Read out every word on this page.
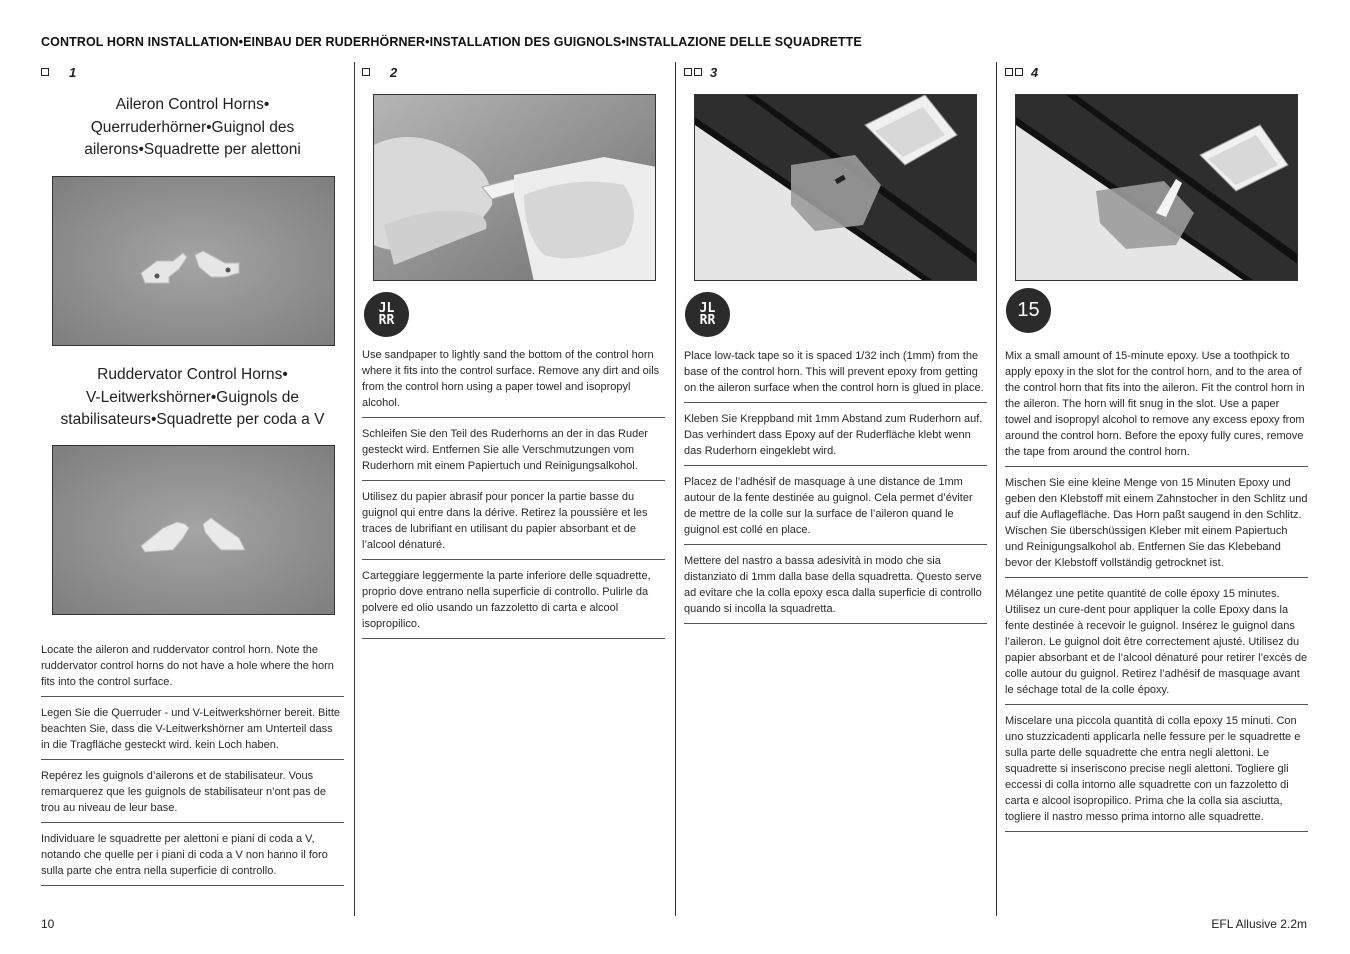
CONTROL HORN INSTALLATION•EINBAU DER RUDERHÖRNER•INSTALLATION DES GUIGNOLS•INSTALLAZIONE DELLE SQUADRETTE
1
Aileron Control Horns•
Querruderhörner•Guignol des
ailerons•Squadrette per alettoni
Ruddervator Control Horns•
V-Leitwerkshörner•Guignols de
stabilisateurs•Squadrette per coda a V
Locate the aileron and ruddervator control horn. Note the ruddervator control horns do not have a hole where the horn fits into the control surface.
Legen Sie die Querruder - und V-Leitwerkshörner bereit. Bitte beachten Sie, dass die V-Leitwerkshörner am Unterteil dass in die Tragfläche gesteckt wird. kein Loch haben.
Repérez les guignols d’ailerons et de stabilisateur. Vous remarquerez que les guignols de stabilisateur n’ont pas de trou au niveau de leur base.
Individuare le squadrette per alettoni e piani di coda a V, notando che quelle per i piani di coda a V non hanno il foro sulla parte che entra nella superficie di controllo.
2
JL
RR
Use sandpaper to lightly sand the bottom of the control horn where it fits into the control surface. Remove any dirt and oils from the control horn using a paper towel and isopropyl alcohol.
Schleifen Sie den Teil des Ruderhorns an der in das Ruder gesteckt wird. Entfernen Sie alle Verschmutzungen vom Ruderhorn mit einem Papiertuch und Reinigungsalkohol.
Utilisez du papier abrasif pour poncer la partie basse du guignol qui entre dans la dérive. Retirez la poussière et les traces de lubrifiant en utilisant du papier absorbant et de l’alcool dénaturé.
Carteggiare leggermente la parte inferiore delle squadrette, proprio dove entrano nella superficie di controllo. Pulirle da polvere ed olio usando un fazzoletto di carta e alcool isopropilico.
3
JL
RR
Place low-tack tape so it is spaced 1/32 inch (1mm) from the base of the control horn. This will prevent epoxy from getting on the aileron surface when the control horn is glued in place.
Kleben Sie Kreppband mit 1mm Abstand zum Ruderhorn auf. Das verhindert dass Epoxy auf der Ruderfläche klebt wenn das Ruderhorn eingeklebt wird.
Placez de l’adhésif de masquage à une distance de 1mm autour de la fente destinée au guignol. Cela permet d’éviter de mettre de la colle sur la surface de l’aileron quand le guignol est collé en place.
Mettere del nastro a bassa adesività in modo che sia distanziato di 1mm dalla base della squadretta. Questo serve ad evitare che la colla epoxy esca dalla superficie di controllo quando si incolla la squadretta.
4
15
Mix a small amount of 15-minute epoxy. Use a toothpick to apply epoxy in the slot for the control horn, and to the area of the control horn that fits into the aileron. Fit the control horn in the aileron. The horn will fit snug in the slot. Use a paper towel and isopropyl alcohol to remove any excess epoxy from around the control horn. Before the epoxy fully cures, remove the tape from around the control horn.
Mischen Sie eine kleine Menge von 15 Minuten Epoxy und geben den Klebstoff mit einem Zahnstocher in den Schlitz und auf die Auflagefläche. Das Horn paßt saugend in den Schlitz. Wischen Sie überschüssigen Kleber mit einem Papiertuch und Reinigungsalkohol ab. Entfernen Sie das Klebeband bevor der Klebstoff vollständig getrocknet ist.
Mélangez une petite quantité de colle époxy 15 minutes. Utilisez un cure-dent pour appliquer la colle Epoxy dans la fente destinée à recevoir le guignol. Insérez le guignol dans l’aileron. Le guignol doit être correctement ajusté. Utilisez du papier absorbant et de l’alcool dénaturé pour retirer l’excès de colle autour du guignol. Retirez l’adhésif de masquage avant le séchage total de la colle époxy.
Miscelare una piccola quantità di colla epoxy 15 minuti. Con uno stuzzicadenti applicarla nelle fessure per le squadrette e sulla parte delle squadrette che entra negli alettoni. Le squadrette si inseriscono precise negli alettoni. Togliere gli eccessi di colla intorno alle squadrette con un fazzoletto di carta e alcool isopropilico. Prima che la colla sia asciutta, togliere il nastro messo prima intorno alle squadrette.
10	EFL Allusive 2.2m
